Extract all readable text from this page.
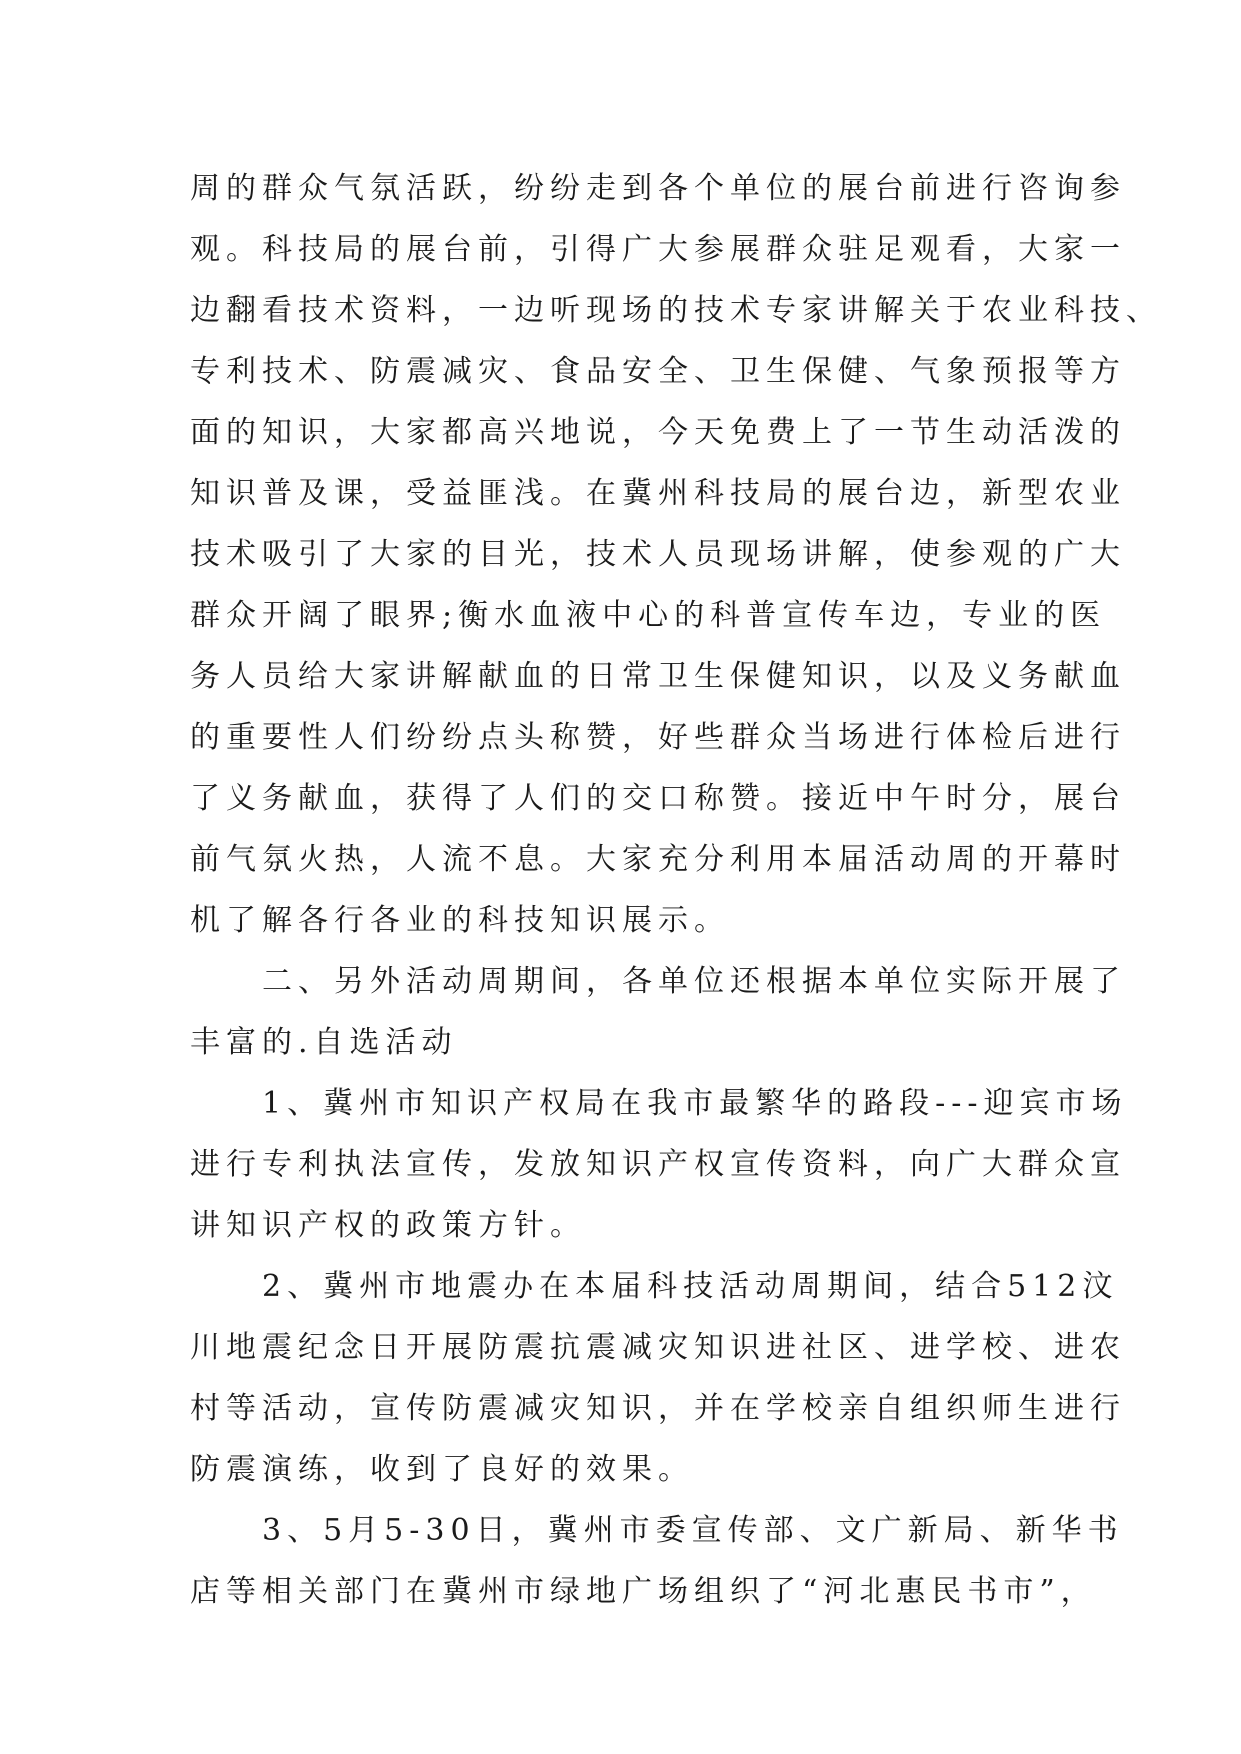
周的群众气氛活跃，纷纷走到各个单位的展台前进行咨询参
观。科技局的展台前，引得广大参展群众驻足观看，大家一
边翻看技术资料，一边听现场的技术专家讲解关于农业科技、
专利技术、防震减灾、食品安全、卫生保健、气象预报等方
面的知识，大家都高兴地说，今天免费上了一节生动活泼的
知识普及课，受益匪浅。在冀州科技局的展台边，新型农业
技术吸引了大家的目光，技术人员现场讲解，使参观的广大
群众开阔了眼界;衡水血液中心的科普宣传车边，专业的医
务人员给大家讲解献血的日常卫生保健知识，以及义务献血
的重要性人们纷纷点头称赞，好些群众当场进行体检后进行
了义务献血，获得了人们的交口称赞。接近中午时分，展台
前气氛火热，人流不息。大家充分利用本届活动周的开幕时
机了解各行各业的科技知识展示。
　　二、另外活动周期间，各单位还根据本单位实际开展了
丰富的.自选活动
　　1、冀州市知识产权局在我市最繁华的路段---迎宾市场
进行专利执法宣传，发放知识产权宣传资料，向广大群众宣
讲知识产权的政策方针。
　　2、冀州市地震办在本届科技活动周期间，结合512汶
川地震纪念日开展防震抗震减灾知识进社区、进学校、进农
村等活动，宣传防震减灾知识，并在学校亲自组织师生进行
防震演练，收到了良好的效果。
　　3、5月5-30日，冀州市委宣传部、文广新局、新华书
店等相关部门在冀州市绿地广场组织了“河北惠民书市”，
